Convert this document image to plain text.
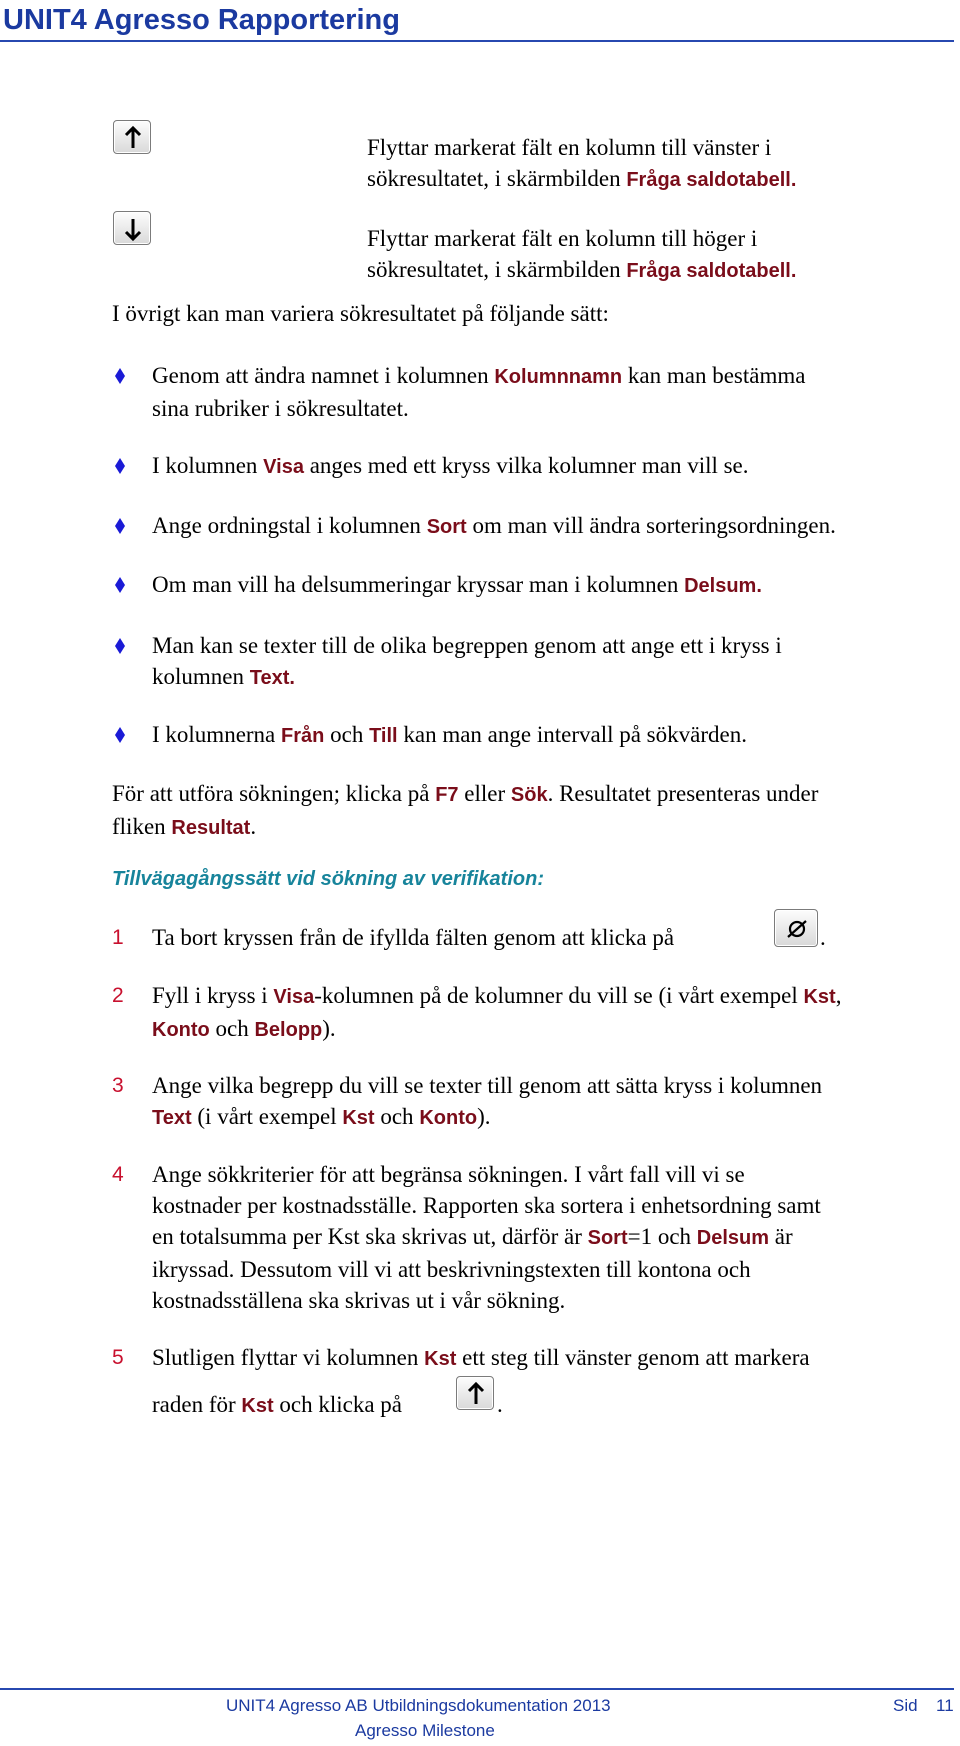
UNIT4 Agresso Rapportering
Flyttar markerat fält en kolumn till vänster i
sökresultatet, i skärmbilden Fråga saldotabell.
Flyttar markerat fält en kolumn till höger i
sökresultatet, i skärmbilden Fråga saldotabell.
I övrigt kan man variera sökresultatet på följande sätt:
Genom att ändra namnet i kolumnen Kolumnnamn kan man bestämma
sina rubriker i sökresultatet.
I kolumnen Visa anges med ett kryss vilka kolumner man vill se.
Ange ordningstal i kolumnen Sort om man vill ändra sorteringsordningen.
Om man vill ha delsummeringar kryssar man i kolumnen Delsum.
Man kan se texter till de olika begreppen genom att ange ett i kryss i
kolumnen Text.
I kolumnerna Från och Till kan man ange intervall på sökvärden.
För att utföra sökningen; klicka på F7 eller Sök. Resultatet presenteras under
fliken Resultat.
Tillvägagångssätt vid sökning av verifikation:
1 Ta bort kryssen från de ifyllda fälten genom att klicka på	.
2 Fyll i kryss i Visa-kolumnen på de kolumner du vill se (i vårt exempel Kst,
Konto och Belopp).
3 Ange vilka begrepp du vill se texter till genom att sätta kryss i kolumnen
Text (i vårt exempel Kst och Konto).
4 Ange sökkriterier för att begränsa sökningen. I vårt fall vill vi se
kostnader per kostnadsställe. Rapporten ska sortera i enhetsordning samt
en totalsumma per Kst ska skrivas ut, därför är Sort=1 och Delsum är
ikryssad. Dessutom vill vi att beskrivningstexten till kontona och
kostnadsställena ska skrivas ut i vår sökning.
5 Slutligen flyttar vi kolumnen Kst ett steg till vänster genom att markera
raden för Kst och klicka på	.
UNIT4 Agresso AB Utbildningsdokumentation 2013
Agresso Milestone
Sid 11
